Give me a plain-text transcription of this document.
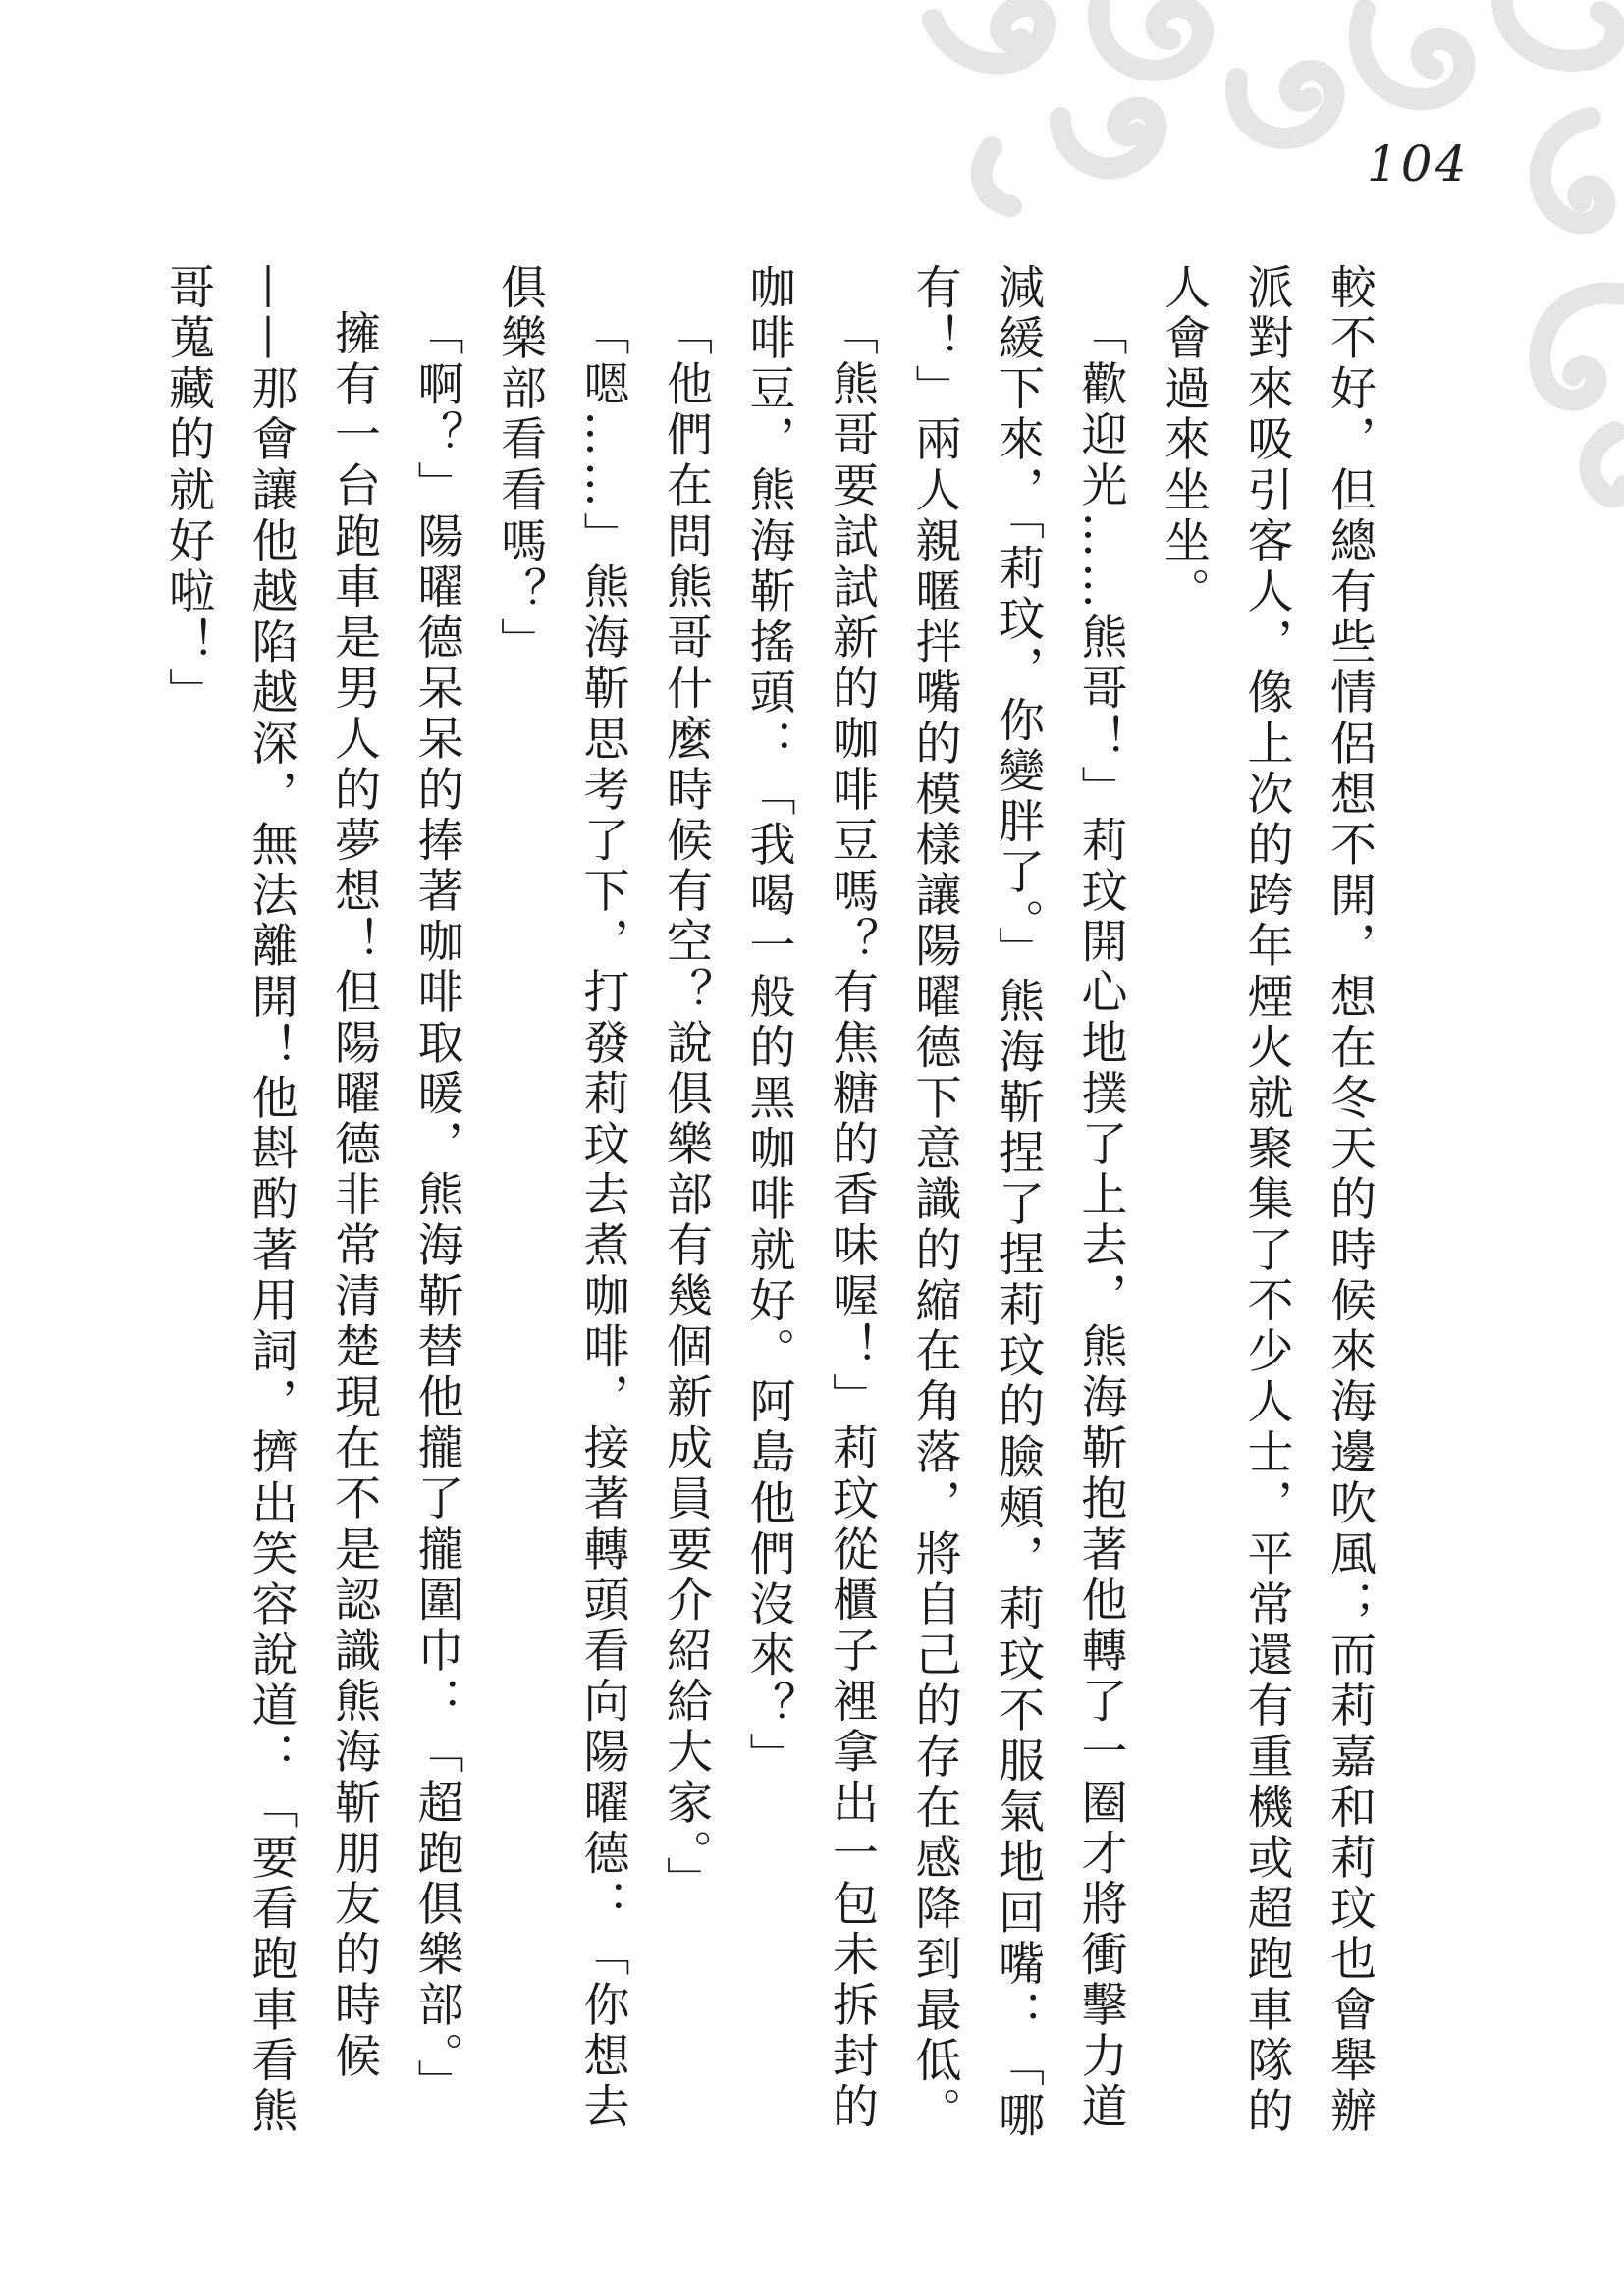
104

較不好，但總有些情侶想不開，想在冬天的時候來海邊吹風；而莉嘉和莉玟也會舉辦派對來吸引客人，像上次的跨年煙火就聚集了不少人士，平常還有重機或超跑車隊的人會過來坐坐。

「歡迎光……熊哥！」莉玟開心地撲了上去，熊海靳抱著他轉了一圈才將衝擊力道減緩下來，「莉玟，你變胖了。」熊海靳捏了捏莉玟的臉頰，莉玟不服氣地回嘴：「哪有！」兩人親暱拌嘴的模樣讓陽曜德下意識的縮在角落，將自己的存在感降到最低。

「熊哥要試試新的咖啡豆嗎？有焦糖的香味喔！」莉玟從櫃子裡拿出一包未拆封的咖啡豆，熊海靳搖頭：「我喝一般的黑咖啡就好。阿島他們沒來？」

「他們在問熊哥什麼時候有空？說俱樂部有幾個新成員要介紹給大家。」

「嗯……」熊海靳思考了下，打發莉玟去煮咖啡，接著轉頭看向陽曜德：「你想去俱樂部看看嗎？」

「啊？」陽曜德呆呆的捧著咖啡取暖，熊海靳替他攏了攏圍巾：「超跑俱樂部。」

擁有一台跑車是男人的夢想！但陽曜德非常清楚現在不是認識熊海靳朋友的時候——那會讓他越陷越深，無法離開！他斟酌著用詞，擠出笑容說道：「要看跑車看熊哥蒐藏的就好啦！」
